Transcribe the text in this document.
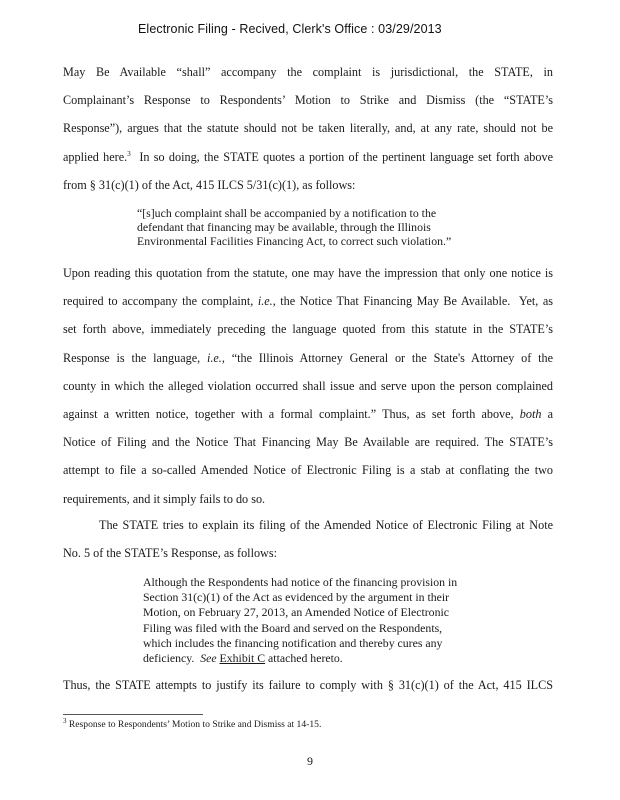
Electronic Filing - Recived, Clerk's Office : 03/29/2013
May Be Available “shall” accompany the complaint is jurisdictional, the STATE, in
Complainant’s Response to Respondents’ Motion to Strike and Dismiss (the “STATE’s
Response”), argues that the statute should not be taken literally, and, at any rate, should not be
applied here.$^3$  In so doing, the STATE quotes a portion of the pertinent language set forth above
from § 31(c)(1) of the Act, 415 ILCS 5/31(c)(1), as follows:
“[s]uch complaint shall be accompanied by a notification to the
defendant that financing may be available, through the Illinois
Environmental Facilities Financing Act, to correct such violation.”
Upon reading this quotation from the statute, one may have the impression that only one notice is
required to accompany the complaint, i.e., the Notice That Financing May Be Available.  Yet, as
set forth above, immediately preceding the language quoted from this statute in the STATE’s
Response is the language, i.e., “the Illinois Attorney General or the State's Attorney of the
county in which the alleged violation occurred shall issue and serve upon the person complained
against a written notice, together with a formal complaint.” Thus, as set forth above, both a
Notice of Filing and the Notice That Financing May Be Available are required. The STATE’s
attempt to file a so-called Amended Notice of Electronic Filing is a stab at conflating the two
requirements, and it simply fails to do so.
The STATE tries to explain its filing of the Amended Notice of Electronic Filing at Note
No. 5 of the STATE’s Response, as follows:
Although the Respondents had notice of the financing provision in
Section 31(c)(1) of the Act as evidenced by the argument in their
Motion, on February 27, 2013, an Amended Notice of Electronic
Filing was filed with the Board and served on the Respondents,
which includes the financing notification and thereby cures any
deficiency.  See Exhibit C attached hereto.
Thus, the STATE attempts to justify its failure to comply with § 31(c)(1) of the Act, 415 ILCS
$^3$ Response to Respondents’ Motion to Strike and Dismiss at 14-15.
9
